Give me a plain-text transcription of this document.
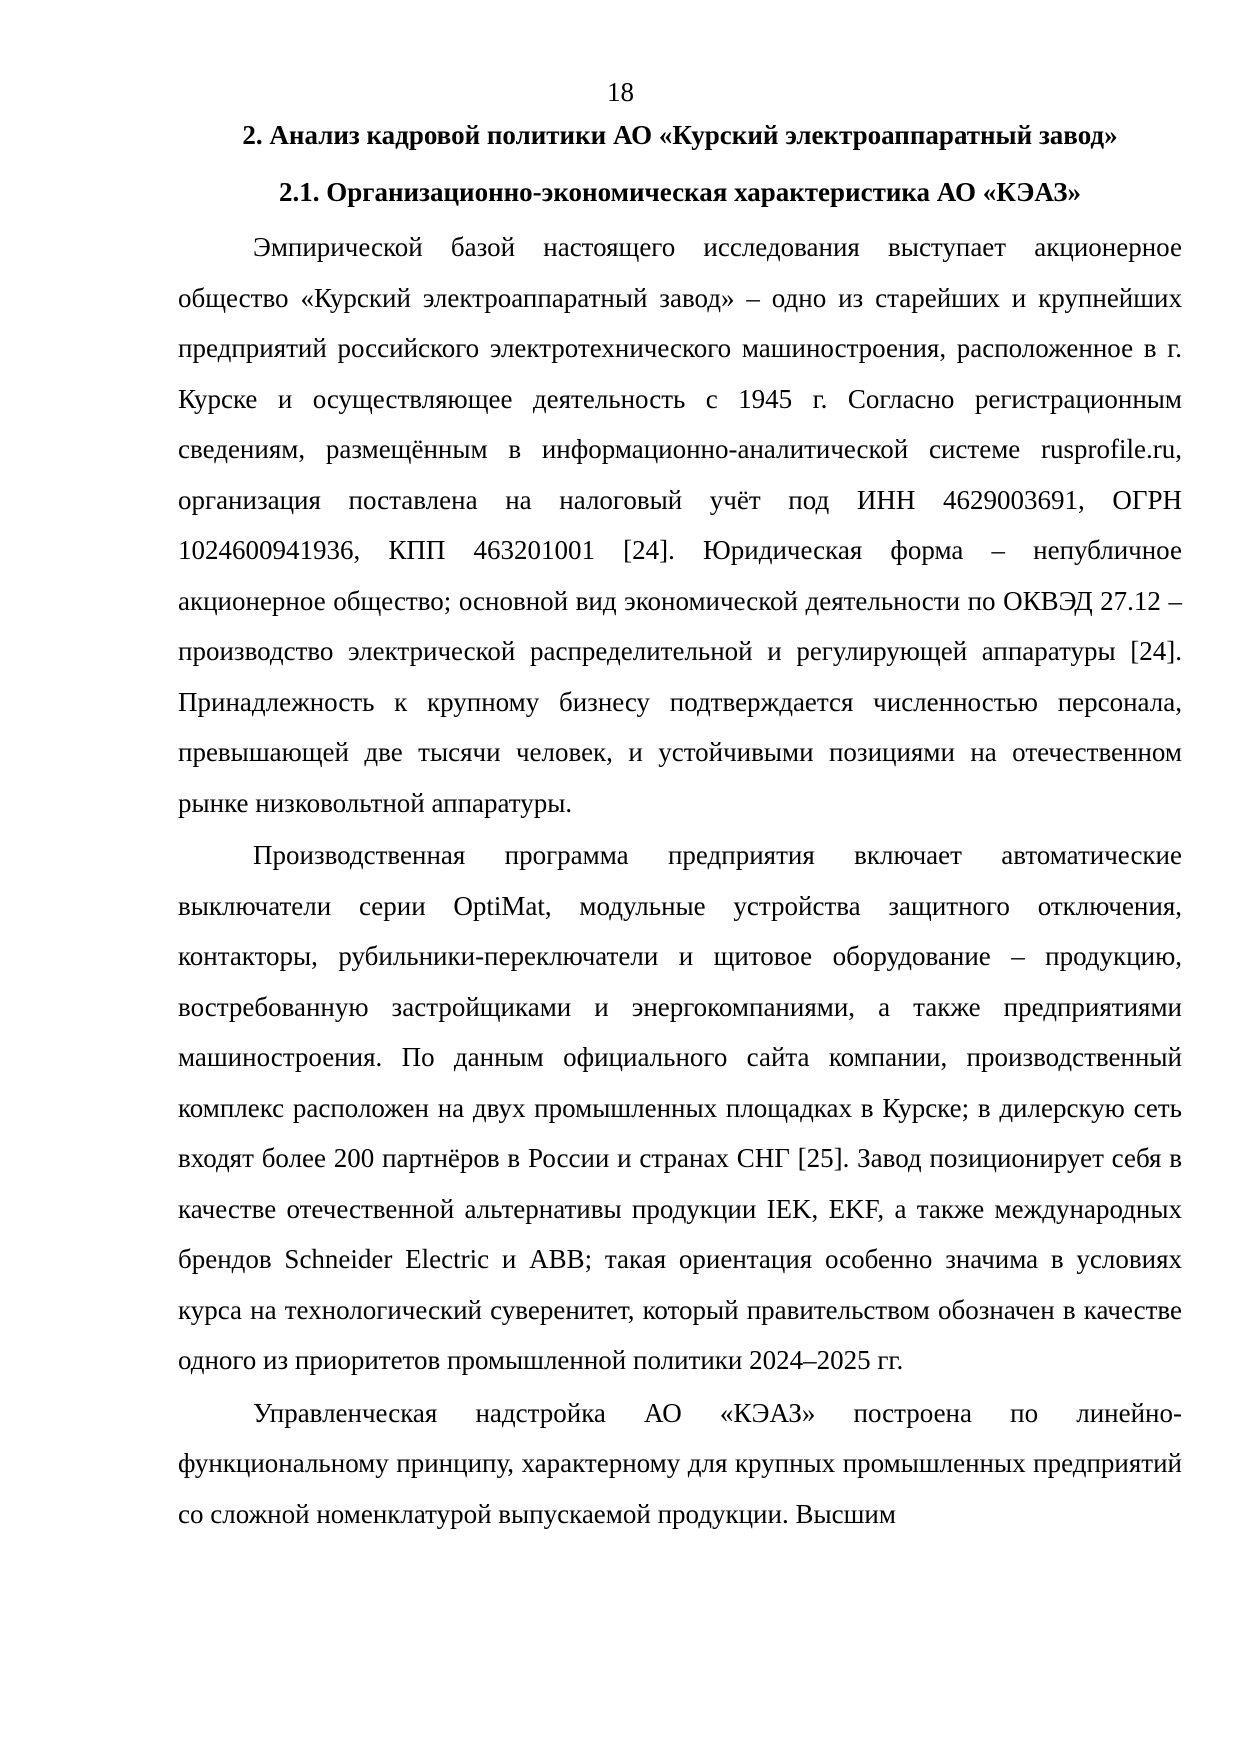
18
2. Анализ кадровой политики АО «Курский электроаппаратный завод»
2.1. Организационно-экономическая характеристика АО «КЭАЗ»

Эмпирической базой настоящего исследования выступает акционерное общество «Курский электроаппаратный завод» – одно из старейших и крупнейших предприятий российского электротехнического машиностроения, расположенное в г. Курске и осуществляющее деятельность с 1945 г. Согласно регистрационным сведениям, размещённым в информационно-аналитической системе rusprofile.ru, организация поставлена на налоговый учёт под ИНН 4629003691, ОГРН 1024600941936, КПП 463201001 [24]. Юридическая форма – непубличное акционерное общество; основной вид экономической деятельности по ОКВЭД 27.12 – производство электрической распределительной и регулирующей аппаратуры [24]. Принадлежность к крупному бизнесу подтверждается численностью персонала, превышающей две тысячи человек, и устойчивыми позициями на отечественном рынке низковольтной аппаратуры.

Производственная программа предприятия включает автоматические выключатели серии OptiMat, модульные устройства защитного отключения, контакторы, рубильники-переключатели и щитовое оборудование – продукцию, востребованную застройщиками и энергокомпаниями, а также предприятиями машиностроения. По данным официального сайта компании, производственный комплекс расположен на двух промышленных площадках в Курске; в дилерскую сеть входят более 200 партнёров в России и странах СНГ [25]. Завод позиционирует себя в качестве отечественной альтернативы продукции IEK, EKF, а также международных брендов Schneider Electric и ABB; такая ориентация особенно значима в условиях курса на технологический суверенитет, который правительством обозначен в качестве одного из приоритетов промышленной политики 2024–2025 гг.

Управленческая надстройка АО «КЭАЗ» построена по линейно-функциональному принципу, характерному для крупных промышленных предприятий со сложной номенклатурой выпускаемой продукции. Высшим
